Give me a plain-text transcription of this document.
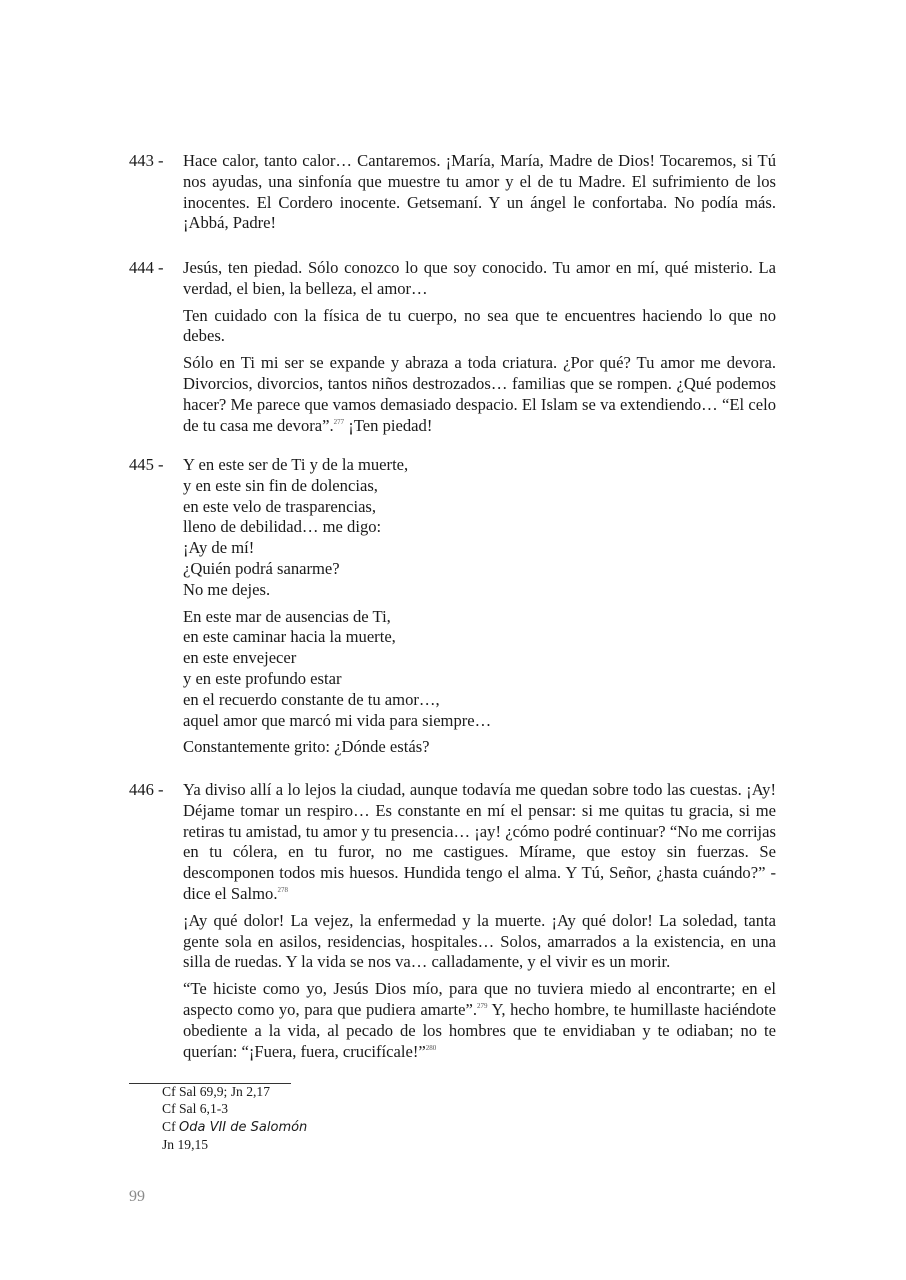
443 -	Hace calor, tanto calor… Cantaremos. ¡María, María, Madre de Dios! Tocaremos, si Tú nos ayudas, una sinfonía que muestre tu amor y el de tu Madre. El sufrimiento de los inocentes. El Cordero inocente. Getsemaní. Y un ángel le confortaba. No podía más. ¡Abbá, Padre!

444 -	Jesús, ten piedad. Sólo conozco lo que soy conocido. Tu amor en mí, qué misterio. La verdad, el bien, la belleza, el amor…

Ten cuidado con la física de tu cuerpo, no sea que te encuentres haciendo lo que no debes.

Sólo en Ti mi ser se expande y abraza a toda criatura. ¿Por qué? Tu amor me devora. Divorcios, divorcios, tantos niños destrozados… familias que se rompen. ¿Qué podemos hacer? Me parece que vamos demasiado despacio. El Islam se va extendiendo… “El celo de tu casa me devora”.$^{277}$ ¡Ten piedad!

445 -	Y en este ser de Ti y de la muerte,
y en este sin fin de dolencias,
en este velo de trasparencias,
lleno de debilidad… me digo:
¡Ay de mí!
¿Quién podrá sanarme?
No me dejes.
En este mar de ausencias de Ti,
en este caminar hacia la muerte,
en este envejecer
y en este profundo estar
en el recuerdo constante de tu amor…,
aquel amor que marcó mi vida para siempre…
Constantemente grito: ¿Dónde estás?
446 -	Ya diviso allí a lo lejos la ciudad, aunque todavía me quedan sobre todo las cuestas. ¡Ay! Déjame tomar un respiro… Es constante en mí el pensar: si me quitas tu gracia, si me retiras tu amistad, tu amor y tu presencia… ¡ay! ¿cómo podré continuar? “No me corrijas en tu cólera, en tu furor, no me castigues. Mírame, que estoy sin fuerzas. Se descomponen todos mis huesos. Hundida tengo el alma. Y Tú, Señor, ¿hasta cuándo?” - dice el Salmo.$^{278}$

¡Ay qué dolor! La vejez, la enfermedad y la muerte. ¡Ay qué dolor! La soledad, tanta gente sola en asilos, residencias, hospitales… Solos, amarrados a la existencia, en una silla de ruedas. Y la vida se nos va… calladamente, y el vivir es un morir.

“Te hiciste como yo, Jesús Dios mío, para que no tuviera miedo al encontrarte; en el aspecto como yo, para que pudiera amarte”.$^{279}$ Y, hecho hombre, te humillaste haciéndote obediente a la vida, al pecado de los hombres que te envidiaban y te odiaban; no te querían: “¡Fuera, fuera, crucifícale!”$^{280}$

Cf Sal 69,9; Jn 2,17
Cf Sal 6,1-3
Cf Oda VII de Salomón
Jn 19,15
99
